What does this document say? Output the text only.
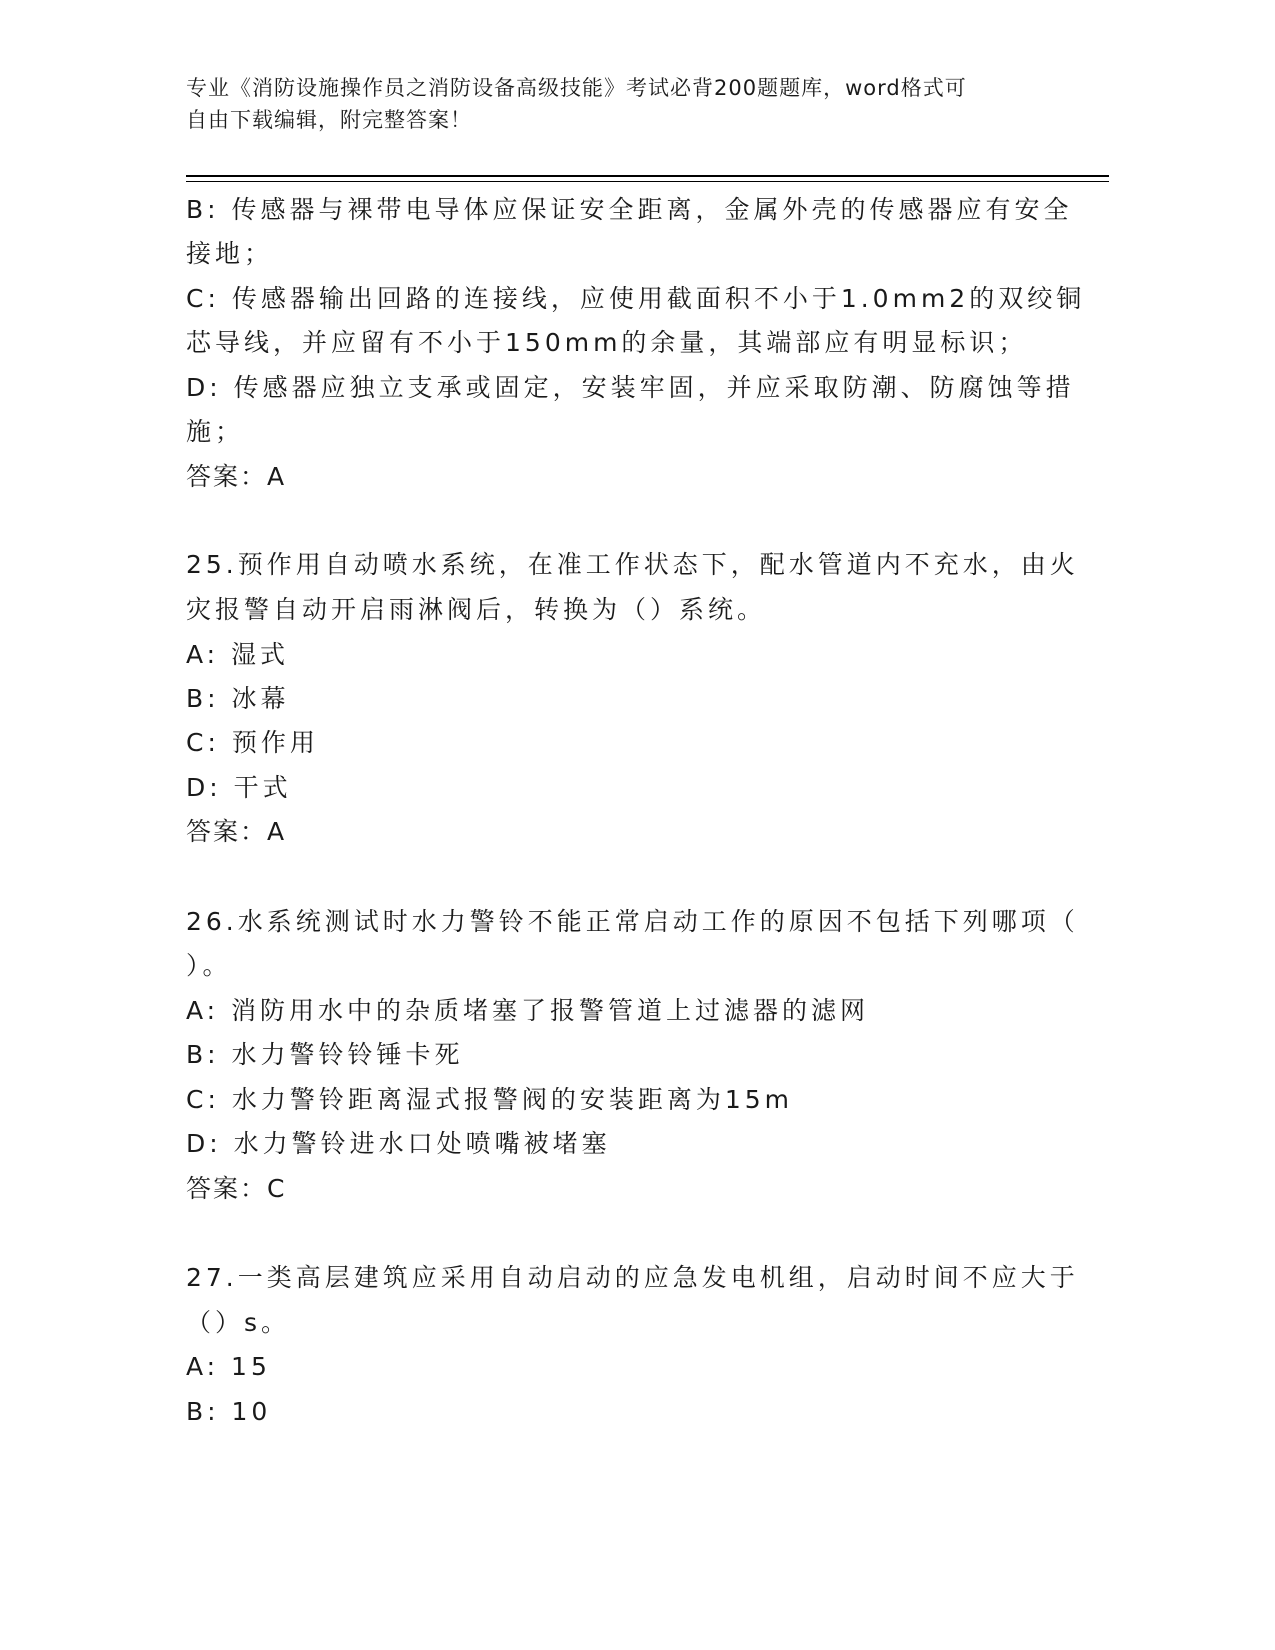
专业《消防设施操作员之消防设备高级技能》考试必背200题题库，word格式可
自由下载编辑，附完整答案！
B: 传感器与裸带电导体应保证安全距离，金属外壳的传感器应有安全
接地；
C: 传感器输出回路的连接线，应使用截面积不小于1.0mm2的双绞铜
芯导线，并应留有不小于150mm的余量，其端部应有明显标识；
D: 传感器应独立支承或固定，安装牢固，并应采取防潮、防腐蚀等措
施；
答案：A
25.预作用自动喷水系统，在准工作状态下，配水管道内不充水，由火
灾报警自动开启雨淋阀后，转换为（）系统。
A: 湿式
B: 冰幕
C: 预作用
D: 干式
答案：A
26.水系统测试时水力警铃不能正常启动工作的原因不包括下列哪项（
）。
A: 消防用水中的杂质堵塞了报警管道上过滤器的滤网
B: 水力警铃铃锤卡死
C: 水力警铃距离湿式报警阀的安装距离为15m
D: 水力警铃进水口处喷嘴被堵塞
答案：C
27.一类高层建筑应采用自动启动的应急发电机组，启动时间不应大于
（）s。
A: 15
B: 10
